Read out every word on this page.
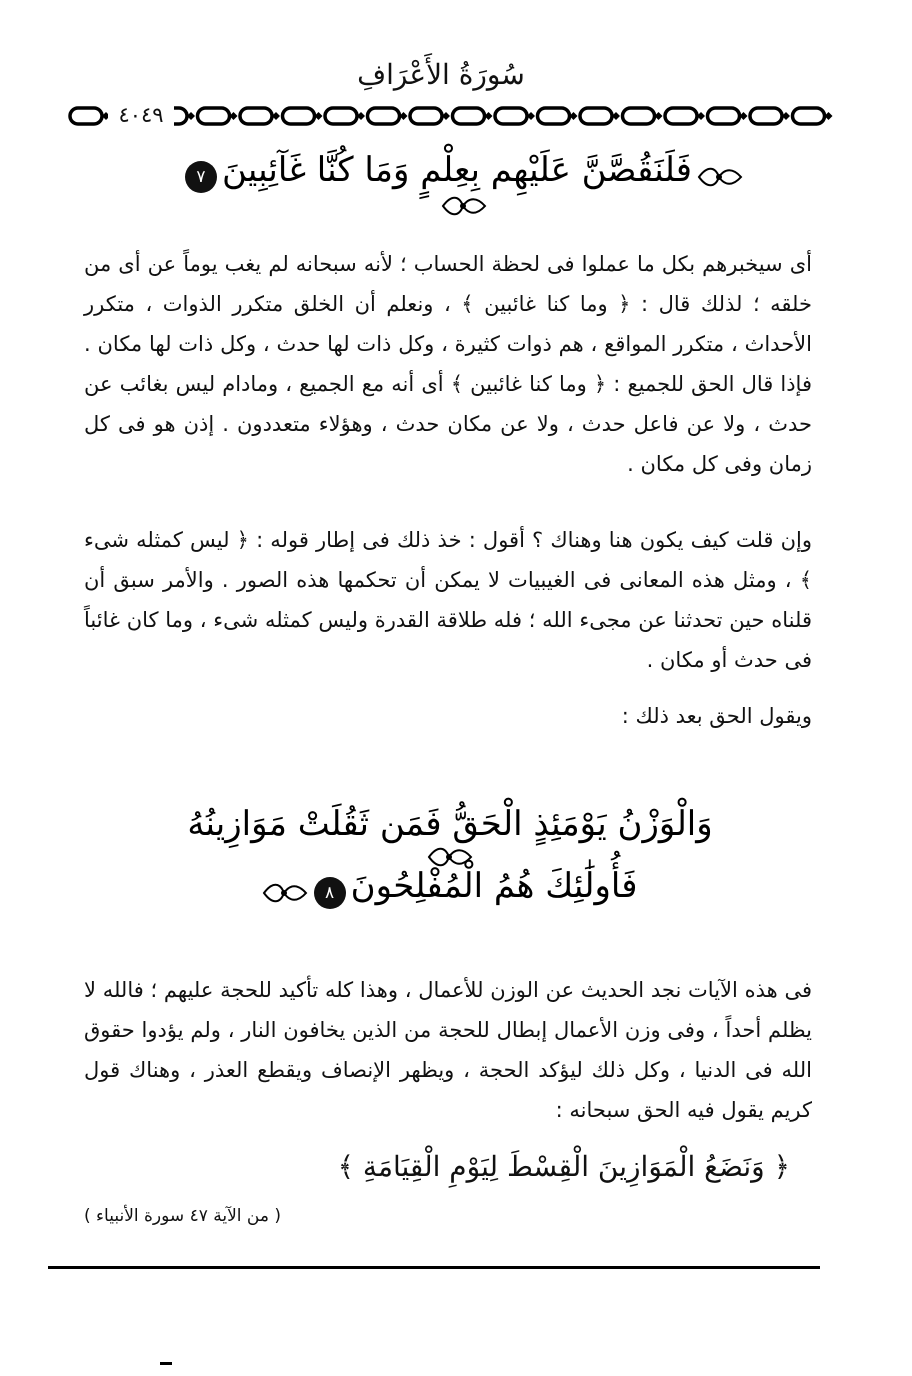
سُورَةُ الأَعْرَافِ
٤٠٤٩
فَلَنَقُصَّنَّ عَلَيْهِم بِعِلْمٍ وَمَا كُنَّا غَآئِبِينَ ٧
أى سيخبرهم بكل ما عملوا فى لحظة الحساب ؛ لأنه سبحانه لم يغب يوماً عن أى من خلقه ؛ لذلك قال : ﴿ وما كنا غائبين ﴾ ، ونعلم أن الخلق متكرر الذوات ، متكرر الأحداث ، متكرر المواقع ، هم ذوات كثيرة ، وكل ذات لها حدث ، وكل ذات لها مكان . فإذا قال الحق للجميع : ﴿ وما كنا غائبين ﴾ أى أنه مع الجميع ، ومادام ليس بغائب عن حدث ، ولا عن فاعل حدث ، ولا عن مكان حدث ، وهؤلاء متعددون . إذن هو فى كل زمان وفى كل مكان .
وإن قلت كيف يكون هنا وهناك ؟ أقول : خذ ذلك فى إطار قوله : ﴿ ليس كمثله شىء ﴾ ، ومثل هذه المعانى فى الغيبيات لا يمكن أن تحكمها هذه الصور . والأمر سبق أن قلناه حين تحدثنا عن مجىء الله ؛ فله طلاقة القدرة وليس كمثله شىء ، وما كان غائباً فى حدث أو مكان .
ويقول الحق بعد ذلك :
وَالْوَزْنُ يَوْمَئِذٍ الْحَقُّ فَمَن ثَقُلَتْ مَوَازِينُهُ
فَأُولَٰئِكَ هُمُ الْمُفْلِحُونَ ٨
فى هذه الآيات نجد الحديث عن الوزن للأعمال ، وهذا كله تأكيد للحجة عليهم ؛ فالله لا يظلم أحداً ، وفى وزن الأعمال إبطال للحجة من الذين يخافون النار ، ولم يؤدوا حقوق الله فى الدنيا ، وكل ذلك ليؤكد الحجة ، ويظهر الإنصاف ويقطع العذر ، وهناك قول كريم يقول فيه الحق سبحانه :
﴿ وَنَضَعُ الْمَوَازِينَ الْقِسْطَ لِيَوْمِ الْقِيَامَةِ ﴾
( من الآية ٤٧ سورة الأنبياء )
